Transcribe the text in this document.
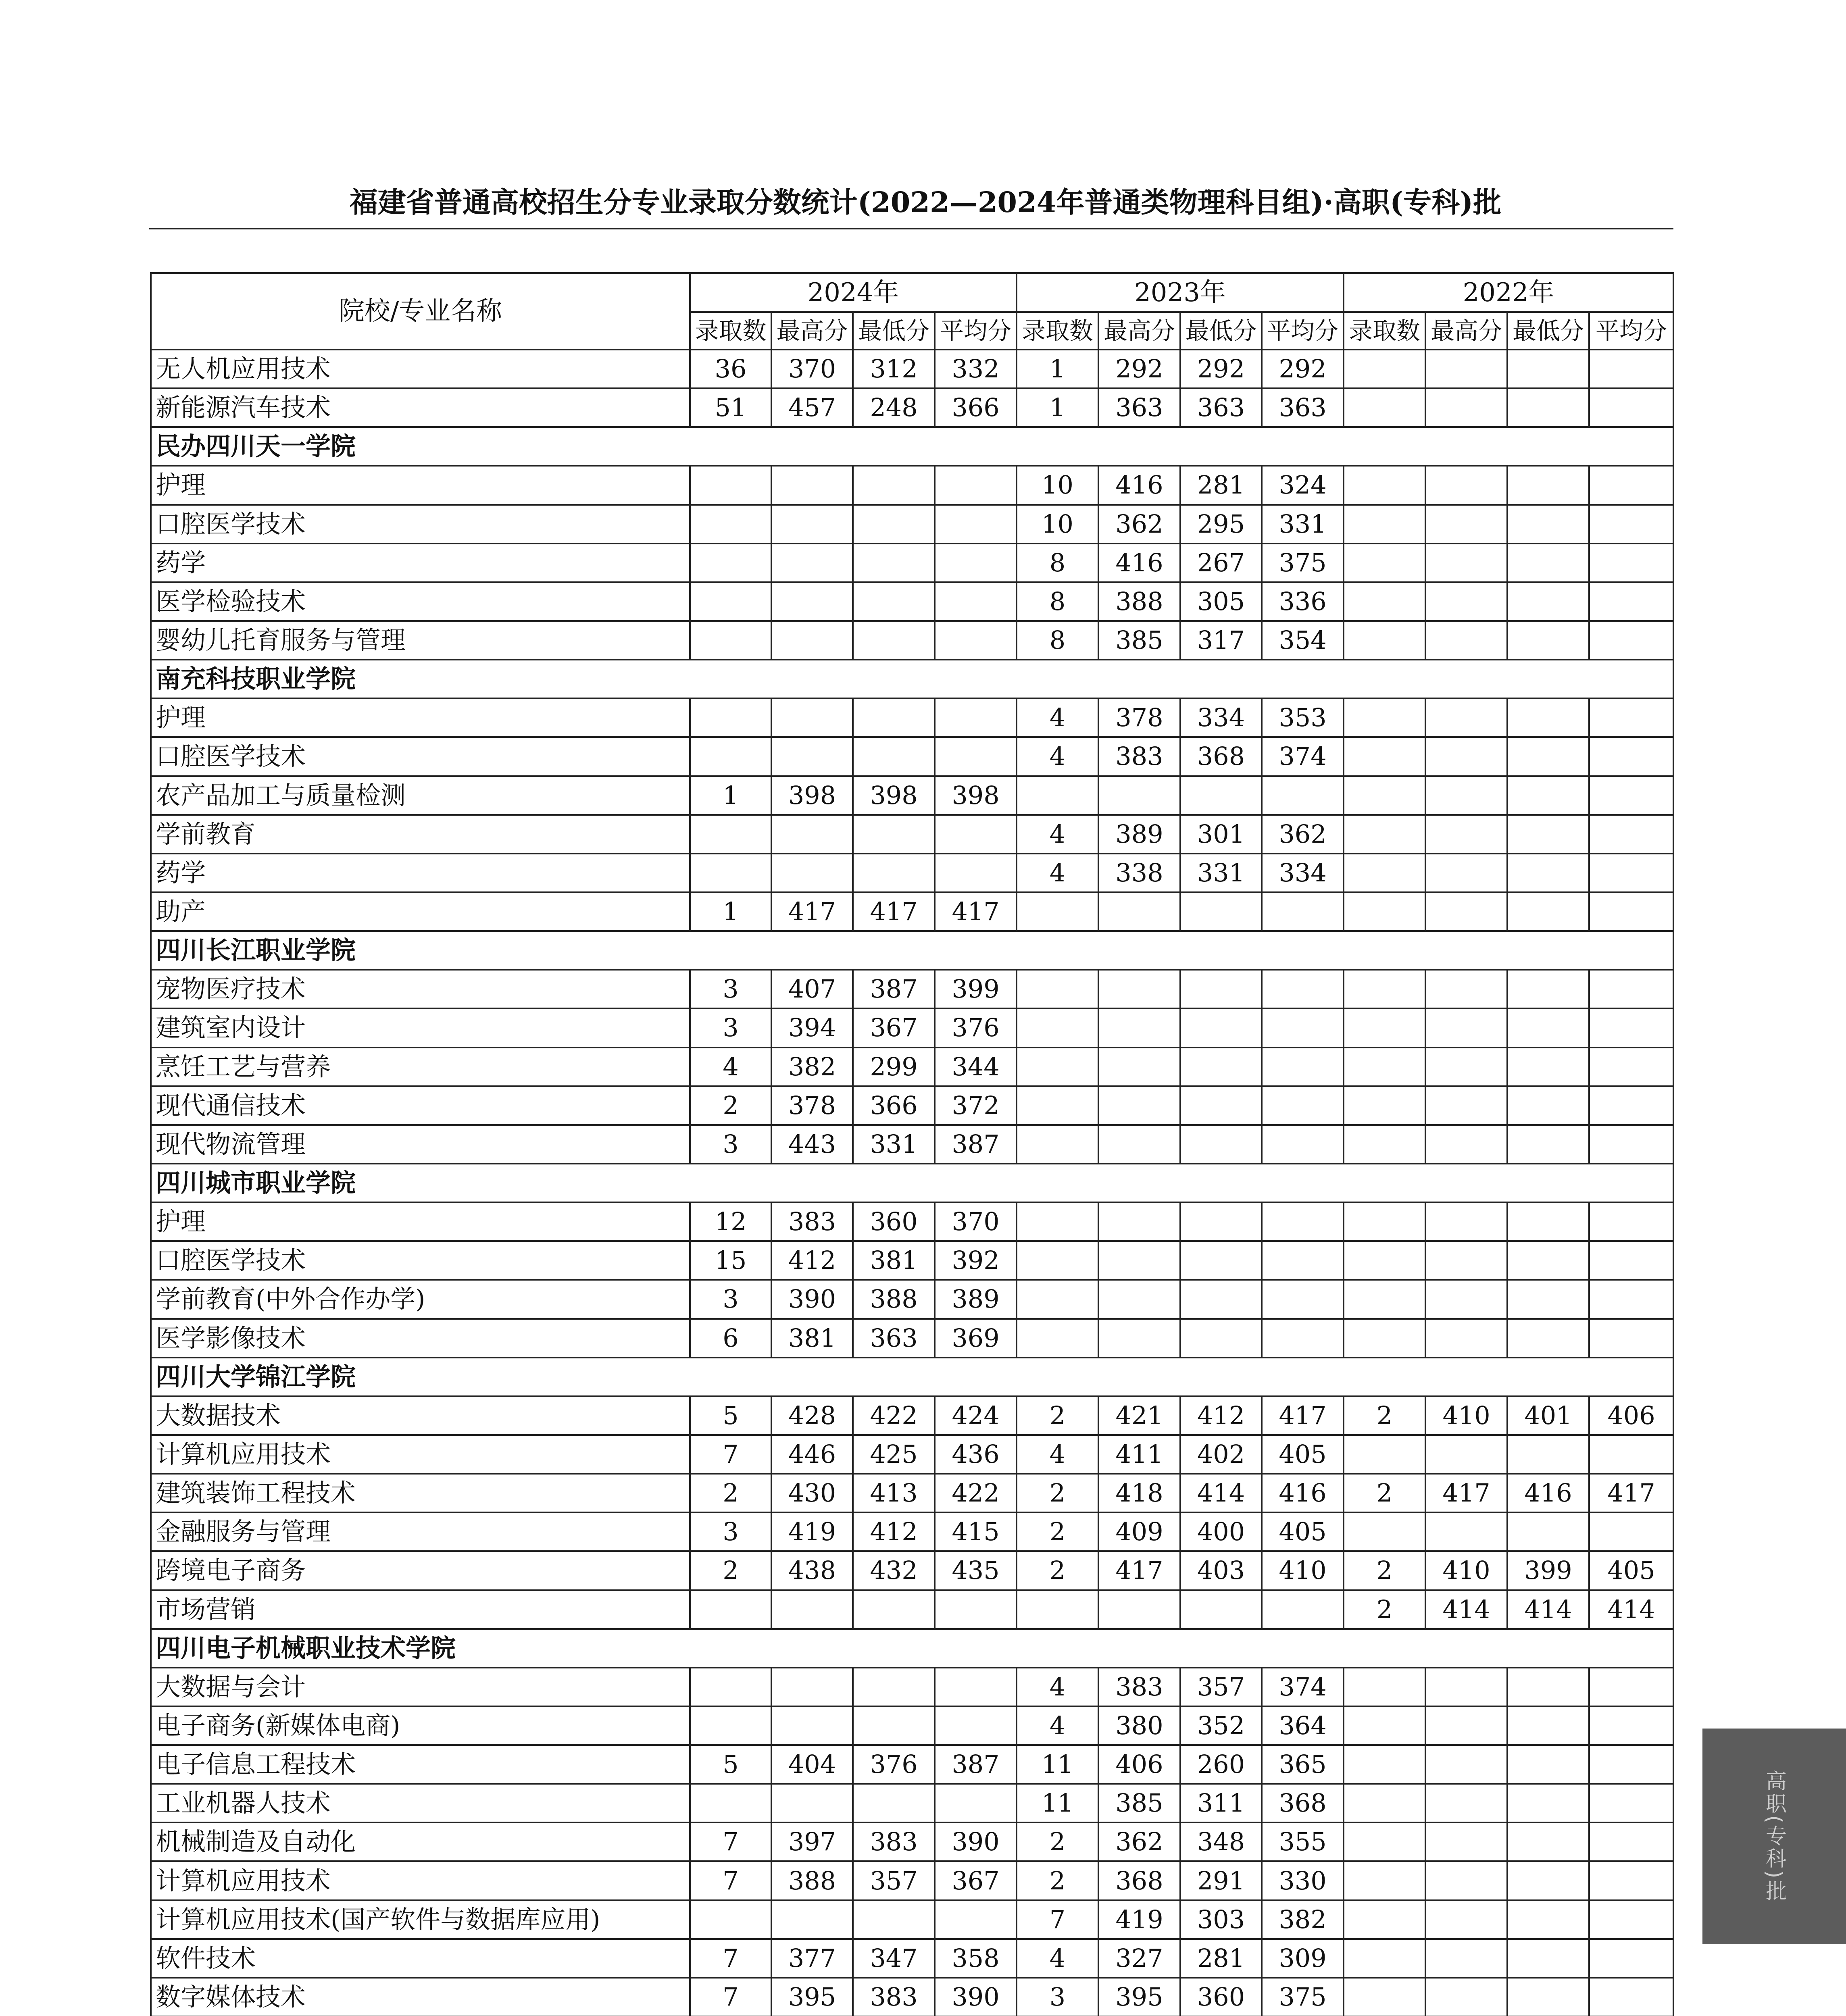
福建省普通高校招生分专业录取分数统计(2022—2024年普通类物理科目组)·高职(专科)批
院校/专业名称	2024年				2023年				2022年			
	录取数	最高分	最低分	平均分	录取数	最高分	最低分	平均分	录取数	最高分	最低分	平均分
无人机应用技术	36	370	312	332	1	292	292	292				
新能源汽车技术	51	457	248	366	1	363	363	363				
民办四川天一学院												
护理					10	416	281	324				
口腔医学技术					10	362	295	331				
药学					8	416	267	375				
医学检验技术					8	388	305	336				
婴幼儿托育服务与管理					8	385	317	354				
南充科技职业学院												
护理					4	378	334	353				
口腔医学技术					4	383	368	374				
农产品加工与质量检测	1	398	398	398								
学前教育					4	389	301	362				
药学					4	338	331	334				
助产	1	417	417	417								
四川长江职业学院												
宠物医疗技术	3	407	387	399								
建筑室内设计	3	394	367	376								
烹饪工艺与营养	4	382	299	344								
现代通信技术	2	378	366	372								
现代物流管理	3	443	331	387								
四川城市职业学院												
护理	12	383	360	370								
口腔医学技术	15	412	381	392								
学前教育(中外合作办学)	3	390	388	389								
医学影像技术	6	381	363	369								
四川大学锦江学院												
大数据技术	5	428	422	424	2	421	412	417	2	410	401	406
计算机应用技术	7	446	425	436	4	411	402	405				
建筑装饰工程技术	2	430	413	422	2	418	414	416	2	417	416	417
金融服务与管理	3	419	412	415	2	409	400	405				
跨境电子商务	2	438	432	435	2	417	403	410	2	410	399	405
市场营销									2	414	414	414
四川电子机械职业技术学院												
大数据与会计					4	383	357	374				
电子商务(新媒体电商)					4	380	352	364				
电子信息工程技术	5	404	376	387	11	406	260	365				
工业机器人技术					11	385	311	368				
机械制造及自动化	7	397	383	390	2	362	348	355				
计算机应用技术	7	388	357	367	2	368	291	330				
计算机应用技术(国产软件与数据库应用)					7	419	303	382				
软件技术	7	377	347	358	4	327	281	309				
数字媒体技术	7	395	383	390	3	395	360	375				

高职(专科)批
